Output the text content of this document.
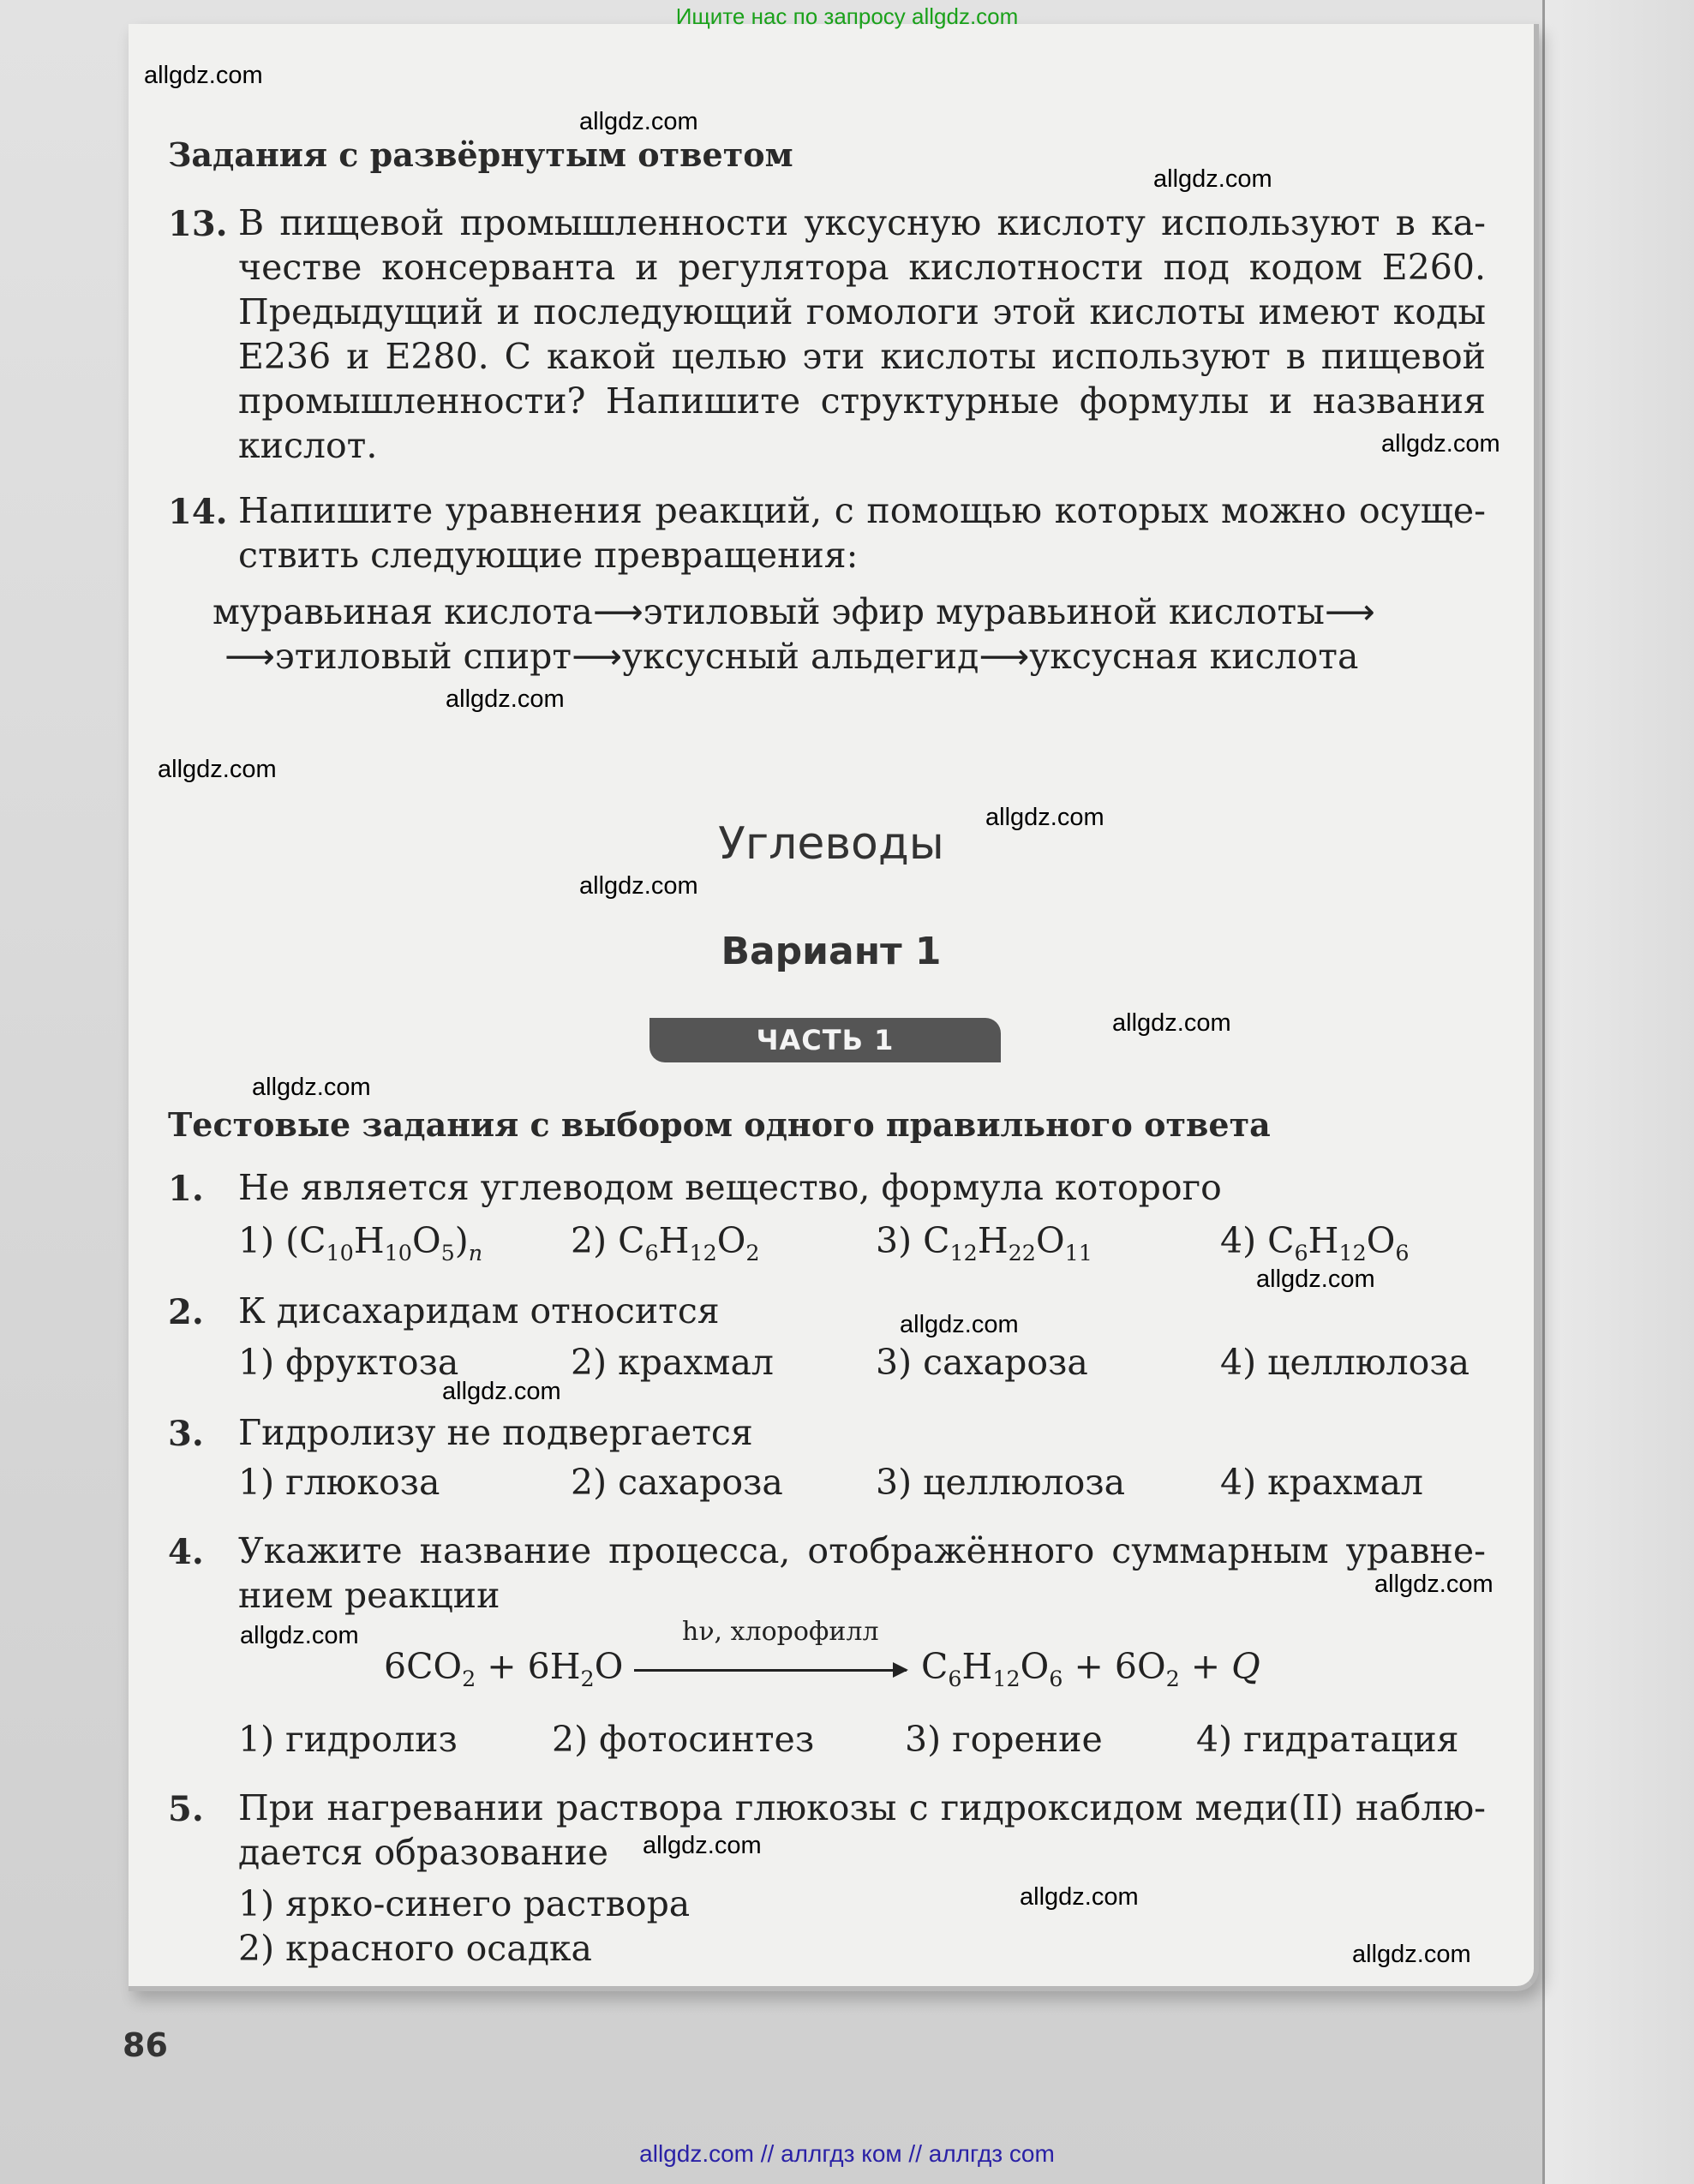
Ищите нас по запросу allgdz.com
allgdz.com
allgdz.com
allgdz.com
allgdz.com
allgdz.com
allgdz.com
allgdz.com
allgdz.com
allgdz.com
allgdz.com
allgdz.com
allgdz.com
allgdz.com
allgdz.com
allgdz.com
allgdz.com
allgdz.com
allgdz.com
Задания с развёрнутым ответом
13. В пищевой промышленности уксусную кислоту используют в ка-
честве консерванта и регулятора кислотности под кодом E260.
Предыдущий и последующий гомологи этой кислоты имеют коды
E236 и E280. С какой целью эти кислоты используют в пищевой
промышленности? Напишите структурные формулы и названия
кислот.
14. Напишите уравнения реакций, с помощью которых можно осуще-
ствить следующие превращения:
муравьиная кислота⟶этиловый эфир муравьиной кислоты⟶
⟶этиловый спирт⟶уксусный альдегид⟶уксусная кислота
Углеводы
Вариант 1
ЧАСТЬ 1
Тестовые задания с выбором одного правильного ответа
1. Не является углеводом вещество, формула которого
1) $(C_{10}H_{10}O_5)_n$	2) $C_6H_{12}O_2$	3) $C_{12}H_{22}O_{11}$	4) $C_6H_{12}O_6$
2. К дисахаридам относится
1) фруктоза	2) крахмал	3) сахароза	4) целлюлоза
3. Гидролизу не подвергается
1) глюкоза	2) сахароза	3) целлюлоза	4) крахмал
4. Укажите название процесса, отображённого суммарным уравне-
нием реакции
hν, хлорофилл
$6CO_2 + 6H_2O$	$C_6H_{12}O_6 + 6O_2 + Q$
1) гидролиз	2) фотосинтез	3) горение	4) гидратация
5. При нагревании раствора глюкозы с гидроксидом меди(II) наблю-
дается образование
1) ярко-синего раствора
2) красного осадка
86
allgdz.com // аллгдз ком // аллгдз com
